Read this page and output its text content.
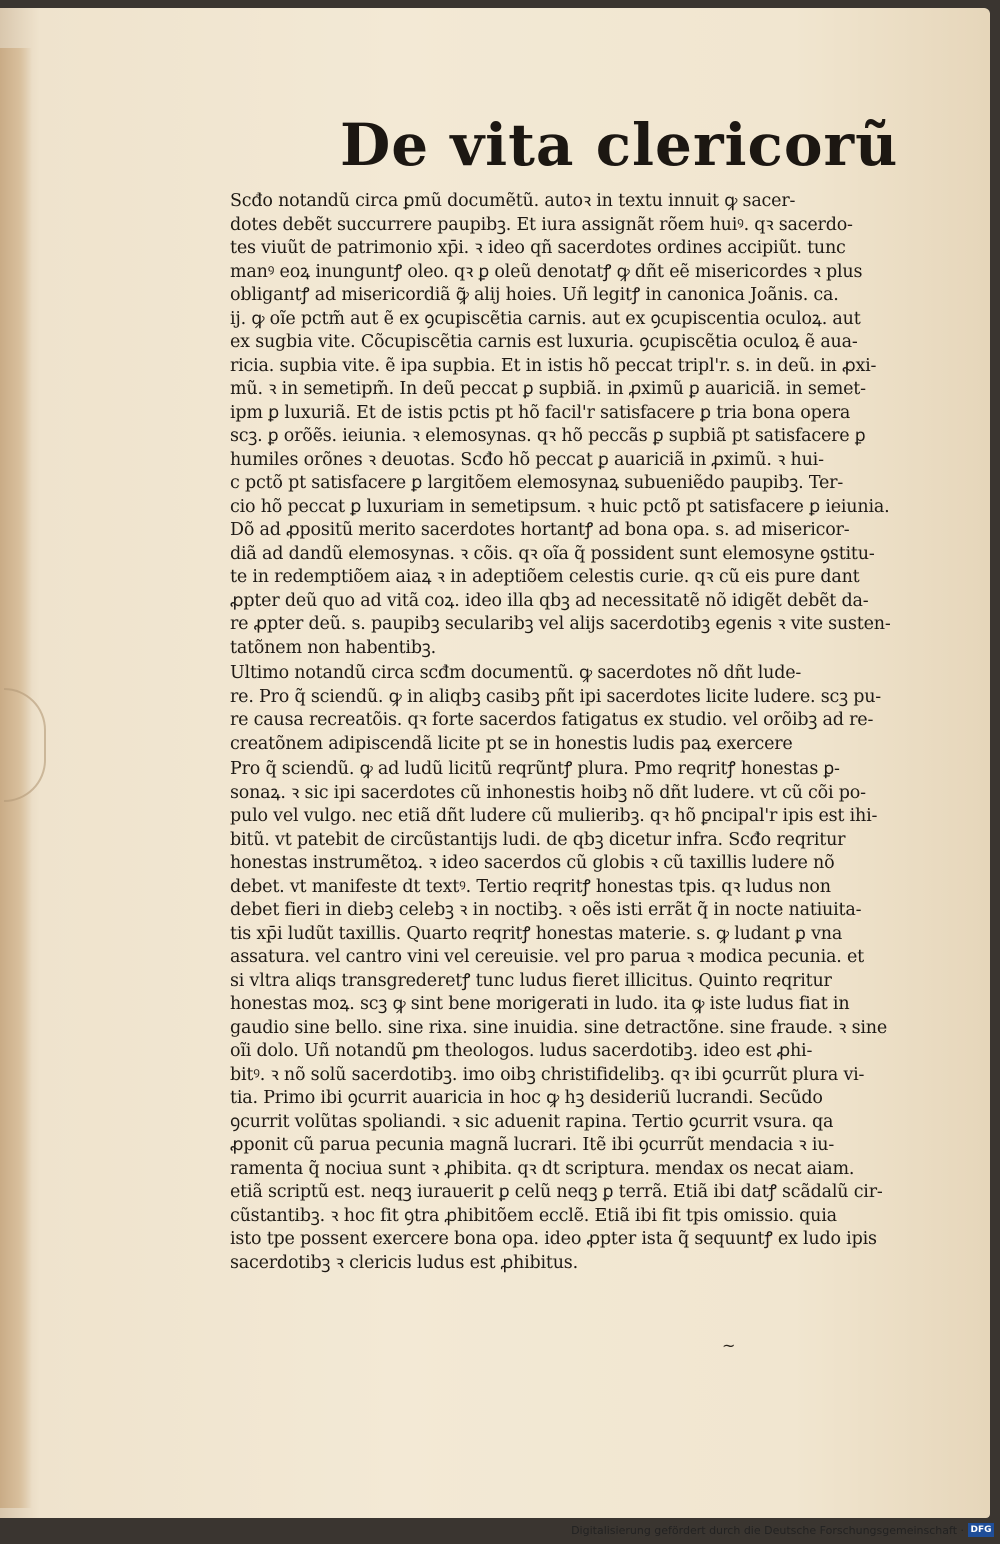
De vita clericorũ
Scđo notandũ circa ꝑmũ documẽtũ. autoꝛ in textu innuit ꝙ sacer-
dotes debẽt succurrere paupibꝫ. Et iura assignãt rõem huiꝰ. qꝛ sacerdo-
tes viuũt de patrimonio xp̄i. ꝛ ideo qñ sacerdotes ordines accipiũt. tunc
manꝰ eoꝝ inunguntꝭ oleo. qꝛ ꝑ oleũ denotatꝭ ꝙ dñt eẽ misericordes ꝛ plus
obligantꝭ ad misericordiã ꝙ̃ alij hoies. Uñ legitꝭ in canonica Joãnis. ca.
ij. ꝙ oĩe pctm̃ aut ẽ ex ꝯcupiscẽtia carnis. aut ex ꝯcupiscentia oculoꝝ. aut
ex sugbia vite. Cõcupiscẽtia carnis est luxuria. ꝯcupiscẽtia oculoꝝ ẽ aua-
ricia. supbia vite. ẽ ipa supbia. Et in istis hõ peccat tripl'r. s. in deũ. in ꝓxi-
mũ. ꝛ in semetipm̃. In deũ peccat ꝑ supbiã. in ꝓximũ ꝑ auariciã. in semet-
ipm ꝑ luxuriã. Et de istis pctis pt hõ facil'r satisfacere ꝑ tria bona opera
scꝫ. ꝑ orõẽs. ieiunia. ꝛ elemosynas. qꝛ hõ peccãs ꝑ supbiã pt satisfacere ꝑ
humiles orõnes ꝛ deuotas. Scđo hõ peccat ꝑ auariciã in ꝓximũ. ꝛ hui-
c pctõ pt satisfacere ꝑ largitõem elemosynaꝝ subueniẽdo paupibꝫ. Ter-
cio hõ peccat ꝑ luxuriam in semetipsum. ꝛ huic pctõ pt satisfacere ꝑ ieiunia.
Dõ ad ꝓpositũ merito sacerdotes hortantꝭ ad bona opa. s. ad misericor-
diã ad dandũ elemosynas. ꝛ cõis. qꝛ oĩa q̃ possident sunt elemosyne ꝯstitu-
te in redemptiõem aiaꝝ ꝛ in adeptiõem celestis curie. qꝛ cũ eis pure dant
ꝓpter deũ quo ad vitã coꝝ. ideo illa qbꝫ ad necessitatẽ nõ idigẽt debẽt da-
re ꝓpter deũ. s. paupibꝫ secularibꝫ vel alijs sacerdotibꝫ egenis ꝛ vite susten-
tatõnem non habentibꝫ.
Ultimo notandũ circa scđm documentũ. ꝙ sacerdotes nõ dñt lude-
re. Pro q̃ sciendũ. ꝙ in aliqbꝫ casibꝫ pñt ipi sacerdotes licite ludere. scꝫ pu-
re causa recreatõis. qꝛ forte sacerdos fatigatus ex studio. vel orõibꝫ ad re-
creatõnem adipiscendã licite pt se in honestis ludis paꝝ exercere
Pro q̃ sciendũ. ꝙ ad ludũ licitũ reqrũntꝭ plura. Pmo reqritꝭ honestas ꝑ-
sonaꝝ. ꝛ sic ipi sacerdotes cũ inhonestis hoibꝫ nõ dñt ludere. vt cũ cõi po-
pulo vel vulgo. nec etiã dñt ludere cũ mulieribꝫ. qꝛ hõ ꝑncipal'r ipis est ihi-
bitũ. vt patebit de circũstantijs ludi. de qbꝫ dicetur infra. Scđo reqritur
honestas instrumẽtoꝝ. ꝛ ideo sacerdos cũ globis ꝛ cũ taxillis ludere nõ
debet. vt manifeste dt textꝰ. Tertio reqritꝭ honestas tpis. qꝛ ludus non
debet fieri in diebꝫ celebꝫ ꝛ in noctibꝫ. ꝛ oẽs isti errãt q̃ in nocte natiuita-
tis xp̄i ludũt taxillis. Quarto reqritꝭ honestas materie. s. ꝙ ludant ꝑ vna
assatura. vel cantro vini vel cereuisie. vel pro parua ꝛ modica pecunia. et
si vltra aliqs transgrederetꝭ tunc ludus fieret illicitus. Quinto reqritur
honestas moꝝ. scꝫ ꝙ sint bene morigerati in ludo. ita ꝙ iste ludus fiat in
gaudio sine bello. sine rixa. sine inuidia. sine detractõne. sine fraude. ꝛ sine
oĩi dolo. Uñ notandũ ꝑm theologos. ludus sacerdotibꝫ. ideo est ꝓhi-
bitꝰ. ꝛ nõ solũ sacerdotibꝫ. imo oibꝫ christifidelibꝫ. qꝛ ibi ꝯcurrũt plura vi-
tia. Primo ibi ꝯcurrit auaricia in hoc ꝙ hꝫ desideriũ lucrandi. Secũdo
ꝯcurrit volũtas spoliandi. ꝛ sic aduenit rapina. Tertio ꝯcurrit vsura. qa
ꝓponit cũ parua pecunia magnã lucrari. Itẽ ibi ꝯcurrũt mendacia ꝛ iu-
ramenta q̃ nociua sunt ꝛ ꝓhibita. qꝛ dt scriptura. mendax os necat aiam.
etiã scriptũ est. neqꝫ iurauerit ꝑ celũ neqꝫ ꝑ terrã. Etiã ibi datꝭ scãdalũ cir-
cũstantibꝫ. ꝛ hoc fit ꝯtra ꝓhibitõem ecclẽ. Etiã ibi fit tpis omissio. quia
isto tpe possent exercere bona opa. ideo ꝓpter ista q̃ sequuntꝭ ex ludo ipis
sacerdotibꝫ ꝛ clericis ludus est ꝓhibitus.
~
Digitalisierung gefördert durch die Deutsche Forschungsgemeinschaft · DFG
